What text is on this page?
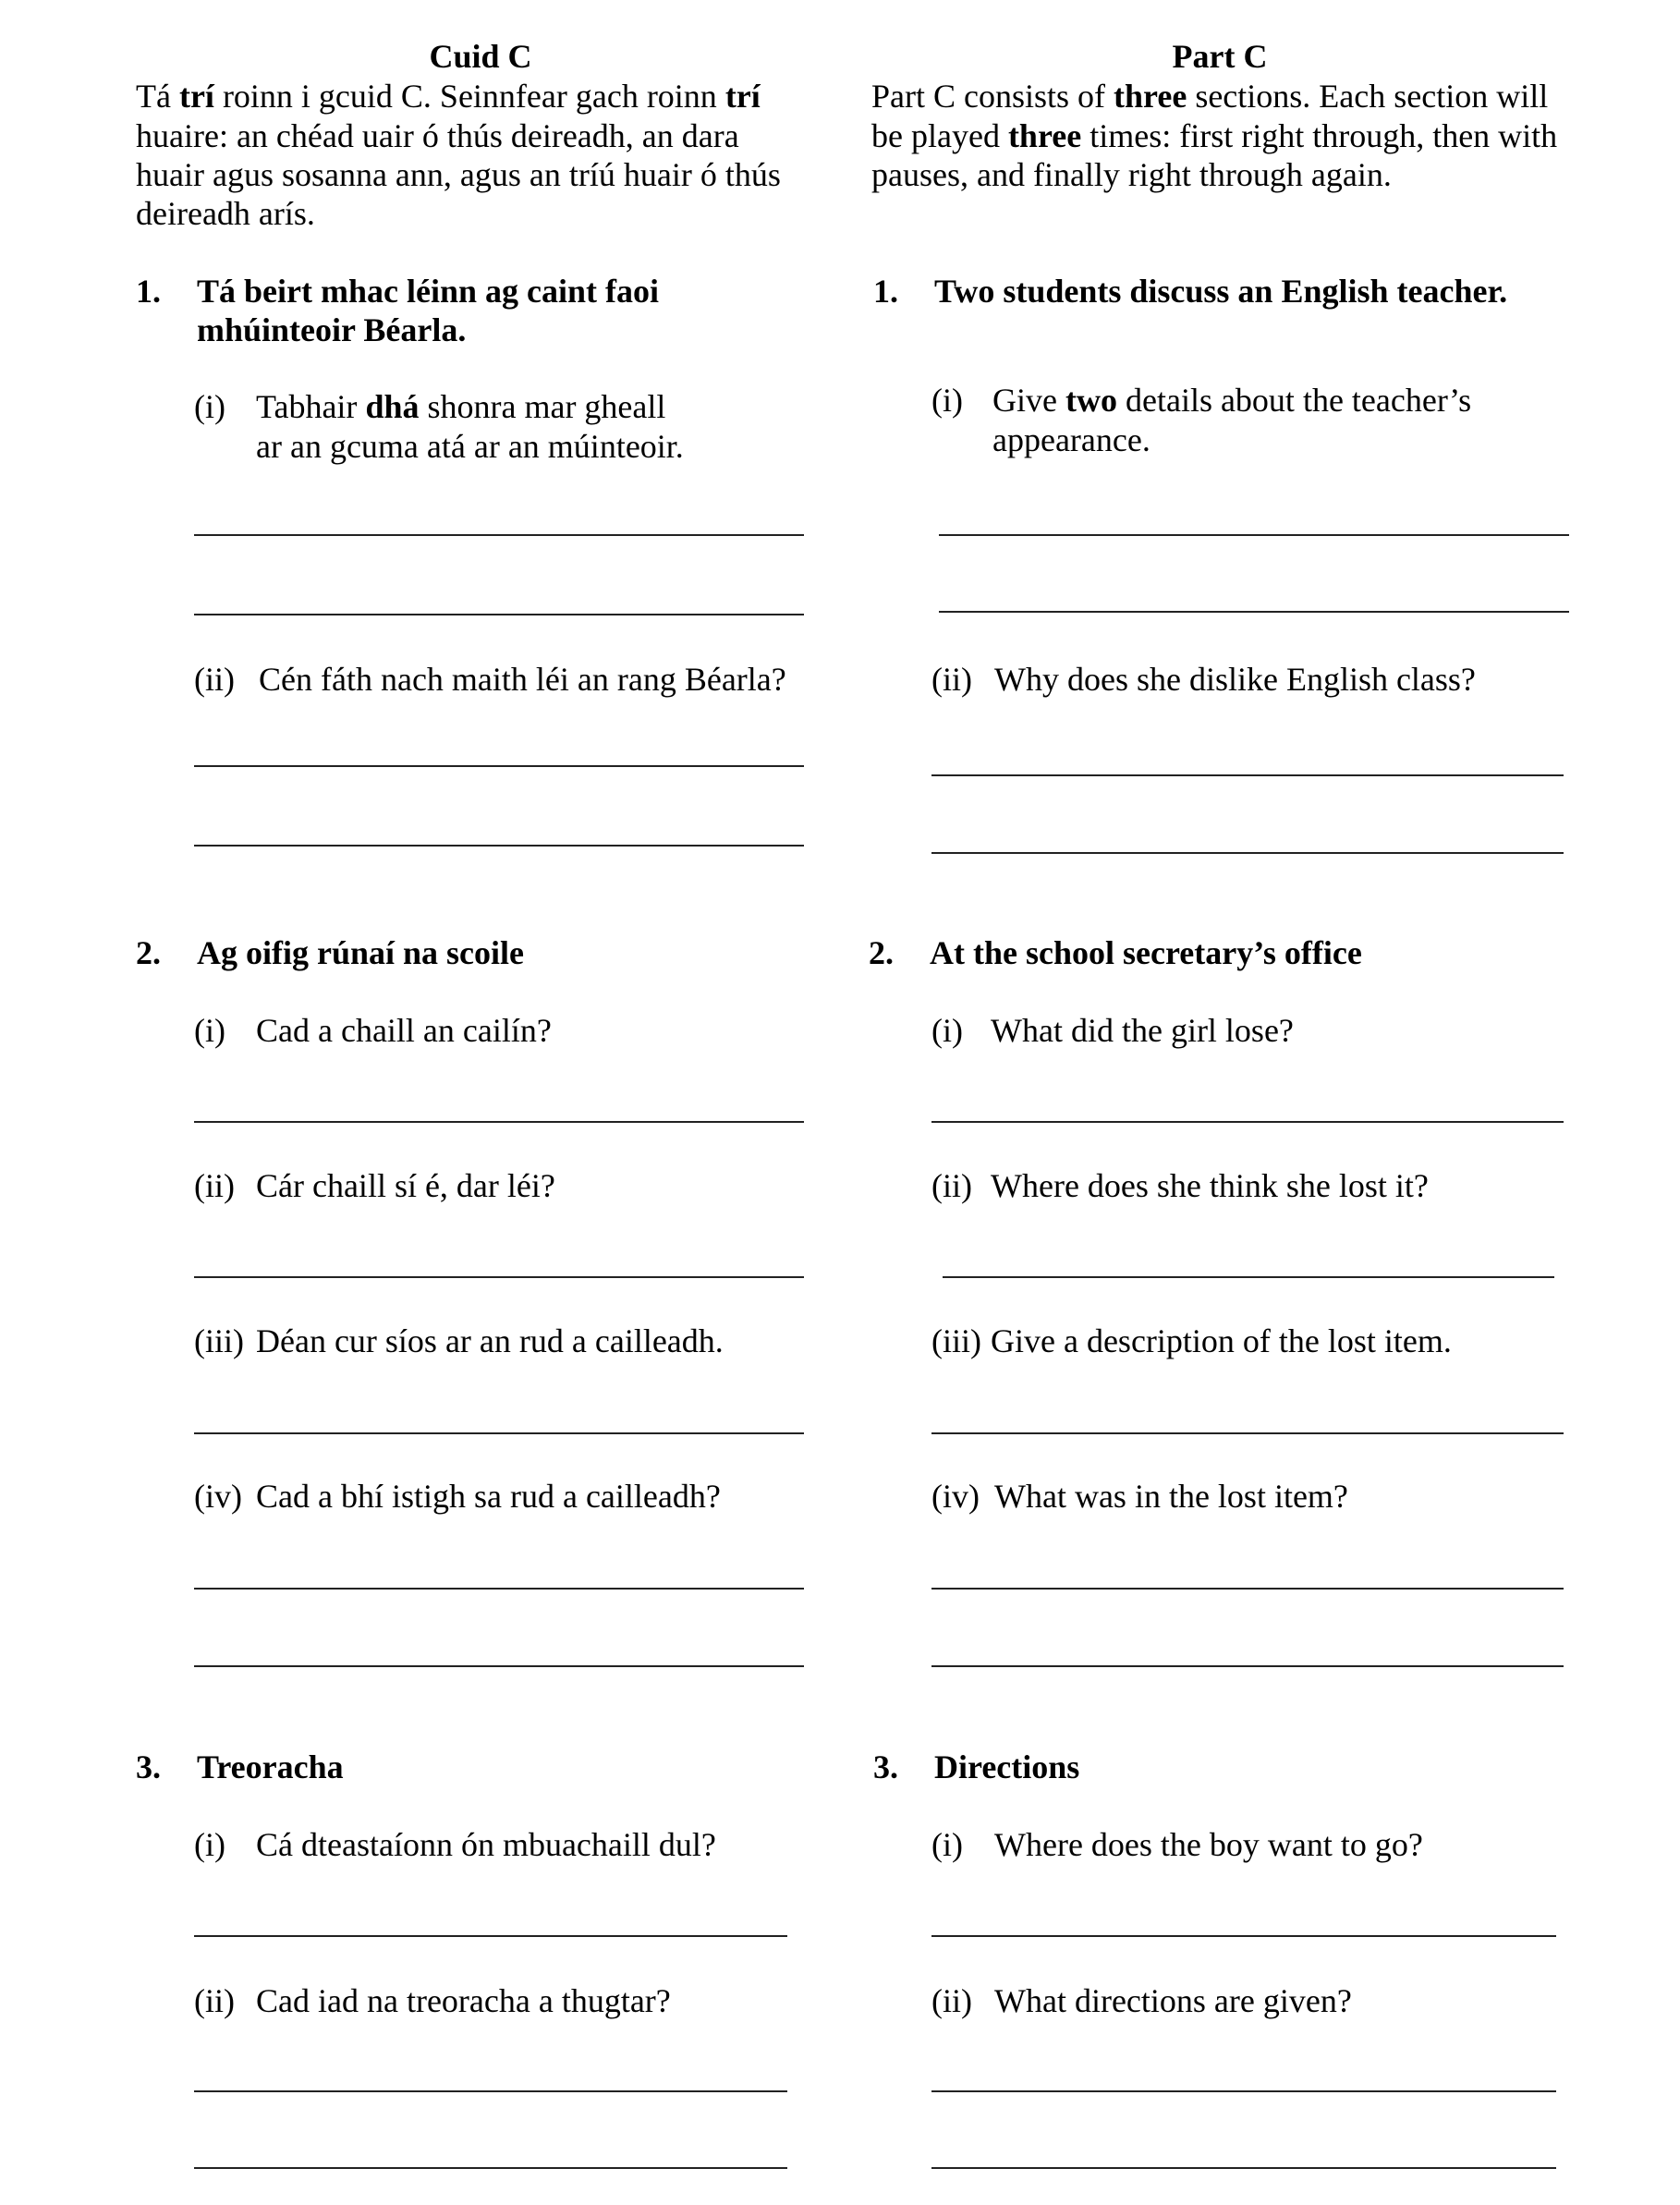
Cuid C
Tá trí roinn i gcuid C. Seinnfear gach roinn trí
huaire: an chéad uair ó thús deireadh, an dara
huair agus sosanna ann, agus an tríú huair ó thús
deireadh arís.
1. Tá beirt mhac léinn ag caint faoi
mhúinteoir Béarla.
(i) Tabhair dhá shonra mar gheall
ar an gcuma atá ar an múinteoir.
(ii) Cén fáth nach maith léi an rang Béarla?
2. Ag oifig rúnaí na scoile
(i) Cad a chaill an cailín?
(ii) Cár chaill sí é, dar léi?
(iii) Déan cur síos ar an rud a cailleadh.
(iv) Cad a bhí istigh sa rud a cailleadh?
3. Treoracha
(i) Cá dteastaíonn ón mbuachaill dul?
(ii) Cad iad na treoracha a thugtar?
Part C
Part C consists of three sections. Each section will
be played three times: first right through, then with
pauses, and finally right through again.
1. Two students discuss an English teacher.
(i) Give two details about the teacher’s
appearance.
(ii) Why does she dislike English class?
2. At the school secretary’s office
(i) What did the girl lose?
(ii) Where does she think she lost it?
(iii) Give a description of the lost item.
(iv) What was in the lost item?
3. Directions
(i) Where does the boy want to go?
(ii) What directions are given?
